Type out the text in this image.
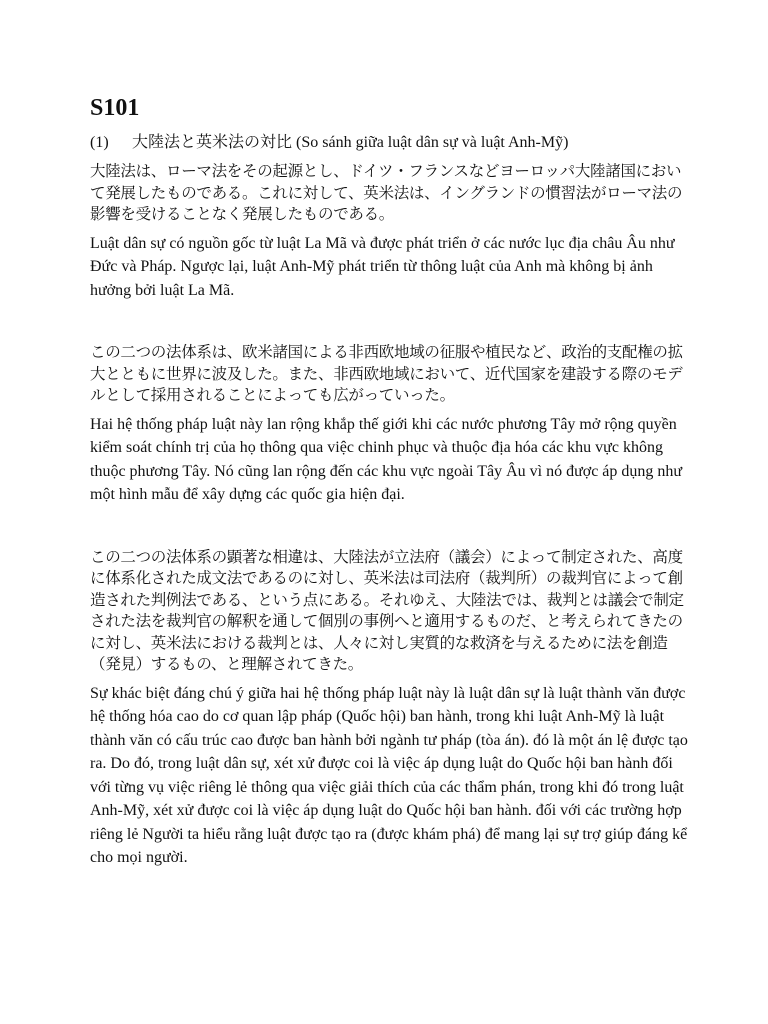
S101
(1) 大陸法と英米法の対比 (So sánh giữa luật dân sự và luật Anh-Mỹ)

大陸法は、ローマ法をその起源とし、ドイツ・フランスなどヨーロッパ大陸諸国において発展したものである。これに対して、英米法は、イングランドの慣習法がローマ法の影響を受けることなく発展したものである。

Luật dân sự có nguồn gốc từ luật La Mã và được phát triển ở các nước lục địa châu Âu như Đức và Pháp. Ngược lại, luật Anh-Mỹ phát triển từ thông luật của Anh mà không bị ảnh hưởng bởi luật La Mã.

この二つの法体系は、欧米諸国による非西欧地域の征服や植民など、政治的支配権の拡大とともに世界に波及した。また、非西欧地域において、近代国家を建設する際のモデルとして採用されることによっても広がっていった。

Hai hệ thống pháp luật này lan rộng khắp thế giới khi các nước phương Tây mở rộng quyền kiểm soát chính trị của họ thông qua việc chinh phục và thuộc địa hóa các khu vực không thuộc phương Tây. Nó cũng lan rộng đến các khu vực ngoài Tây Âu vì nó được áp dụng như một hình mẫu để xây dựng các quốc gia hiện đại.

この二つの法体系の顕著な相違は、大陸法が立法府（議会）によって制定された、高度に体系化された成文法であるのに対し、英米法は司法府（裁判所）の裁判官によって創造された判例法である、という点にある。それゆえ、大陸法では、裁判とは議会で制定された法を裁判官の解釈を通して個別の事例へと適用するものだ、と考えられてきたのに対し、英米法における裁判とは、人々に対し実質的な救済を与えるために法を創造（発見）するもの、と理解されてきた。

Sự khác biệt đáng chú ý giữa hai hệ thống pháp luật này là luật dân sự là luật thành văn được hệ thống hóa cao do cơ quan lập pháp (Quốc hội) ban hành, trong khi luật Anh-Mỹ là luật thành văn có cấu trúc cao được ban hành bởi ngành tư pháp (tòa án). đó là một án lệ được tạo ra. Do đó, trong luật dân sự, xét xử được coi là việc áp dụng luật do Quốc hội ban hành đối với từng vụ việc riêng lẻ thông qua việc giải thích của các thẩm phán, trong khi đó trong luật Anh-Mỹ, xét xử được coi là việc áp dụng luật do Quốc hội ban hành. đối với các trường hợp riêng lẻ Người ta hiểu rằng luật được tạo ra (được khám phá) để mang lại sự trợ giúp đáng kể cho mọi người.
